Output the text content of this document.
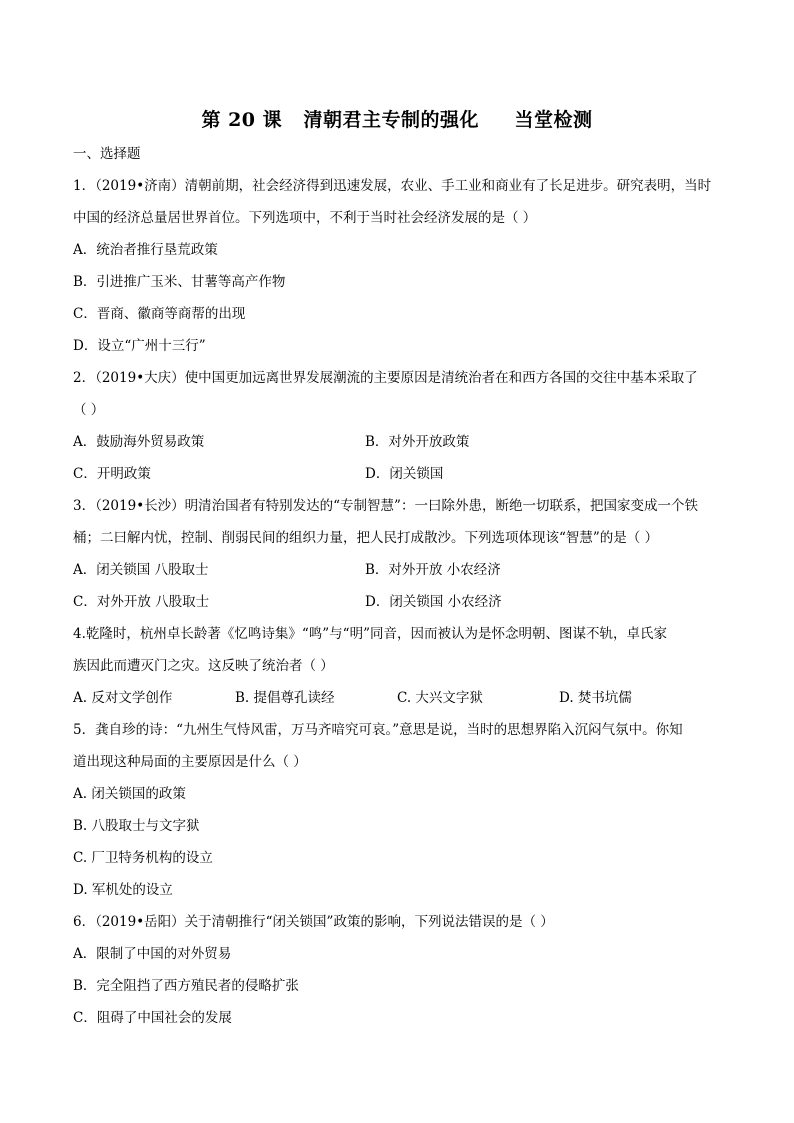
第 20 课   清朝君主专制的强化     当堂检测
一、选择题
1．（2019•济南）清朝前期，社会经济得到迅速发展，农业、手工业和商业有了长足进步。研究表明，当时
中国的经济总量居世界首位。下列选项中，不利于当时社会经济发展的是（ ）
A．统治者推行垦荒政策
B．引进推广玉米、甘薯等高产作物
C．晋商、徽商等商帮的出现
D．设立“广州十三行”
2．（2019•大庆）使中国更加远离世界发展潮流的主要原因是清统治者在和西方各国的交往中基本采取了
（ ）
A．鼓励海外贸易政策	B．对外开放政策
C．开明政策	D．闭关锁国
3．（2019•长沙）明清治国者有特别发达的“专制智慧”：一曰除外患，断绝一切联系，把国家变成一个铁
桶；二曰解内忧，控制、削弱民间的组织力量，把人民打成散沙。下列选项体现该“智慧”的是（ ）
A．闭关锁国 八股取士	B．对外开放 小农经济
C．对外开放 八股取士	D．闭关锁国 小农经济
4.乾隆时，杭州卓长龄著《忆鸣诗集》“鸣”与“明”同音，因而被认为是怀念明朝、图谋不轨，卓氏家
族因此而遭灭门之灾。这反映了统治者（ ）
A. 反对文学创作	B. 提倡尊孔读经	C. 大兴文字狱	D. 焚书坑儒
5．龚自珍的诗：“九州生气恃风雷，万马齐喑究可哀。”意思是说，当时的思想界陷入沉闷气氛中。你知
道出现这种局面的主要原因是什么（ ）
A. 闭关锁国的政策
B. 八股取士与文字狱
C. 厂卫特务机构的设立
D. 军机处的设立
6．（2019•岳阳）关于清朝推行“闭关锁国”政策的影响，下列说法错误的是（ ）
A．限制了中国的对外贸易
B．完全阻挡了西方殖民者的侵略扩张
C．阻碍了中国社会的发展
